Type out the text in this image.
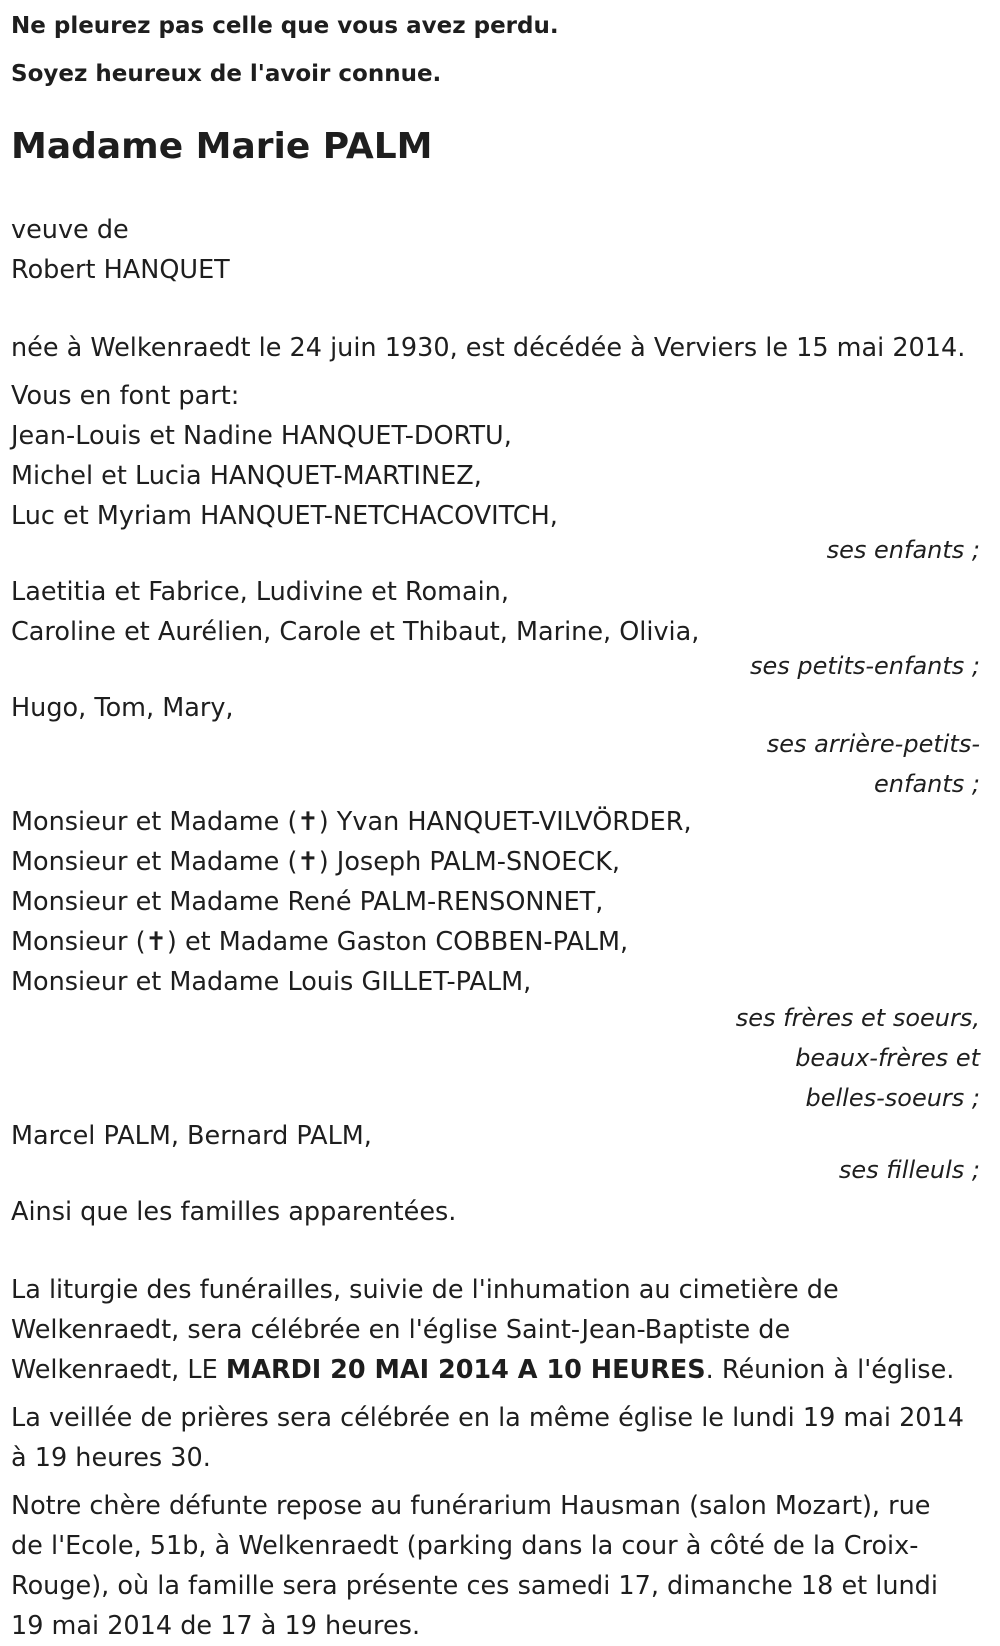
Ne pleurez pas celle que vous avez perdu.

Soyez heureux de l'avoir connue.

Madame Marie PALM

veuve de

Robert HANQUET

née à Welkenraedt le 24 juin 1930, est décédée à Verviers le 15 mai 2014.

Vous en font part:

Jean-Louis et Nadine HANQUET-DORTU,

Michel et Lucia HANQUET-MARTINEZ,

Luc et Myriam HANQUET-NETCHACOVITCH,

ses enfants ;

Laetitia et Fabrice, Ludivine et Romain,

Caroline et Aurélien, Carole et Thibaut, Marine, Olivia,

ses petits-enfants ;

Hugo, Tom, Mary,

ses arrière-petits-
enfants ;

Monsieur et Madame (✝) Yvan HANQUET-VILVÖRDER,

Monsieur et Madame (✝) Joseph PALM-SNOECK,

Monsieur et Madame René PALM-RENSONNET,

Monsieur (✝) et Madame Gaston COBBEN-PALM,

Monsieur et Madame Louis GILLET-PALM,

ses frères et soeurs,
beaux-frères et
belles-soeurs ;

Marcel PALM, Bernard PALM,

ses filleuls ;

Ainsi que les familles apparentées.

La liturgie des funérailles, suivie de l'inhumation au cimetière de

Welkenraedt, sera célébrée en l'église Saint-Jean-Baptiste de

Welkenraedt, LE MARDI 20 MAI 2014 A 10 HEURES. Réunion à l'église.

La veillée de prières sera célébrée en la même église le lundi 19 mai 2014

à 19 heures 30.

Notre chère défunte repose au funérarium Hausman (salon Mozart), rue

de l'Ecole, 51b, à Welkenraedt (parking dans la cour à côté de la Croix-

Rouge), où la famille sera présente ces samedi 17, dimanche 18 et lundi

19 mai 2014 de 17 à 19 heures.
